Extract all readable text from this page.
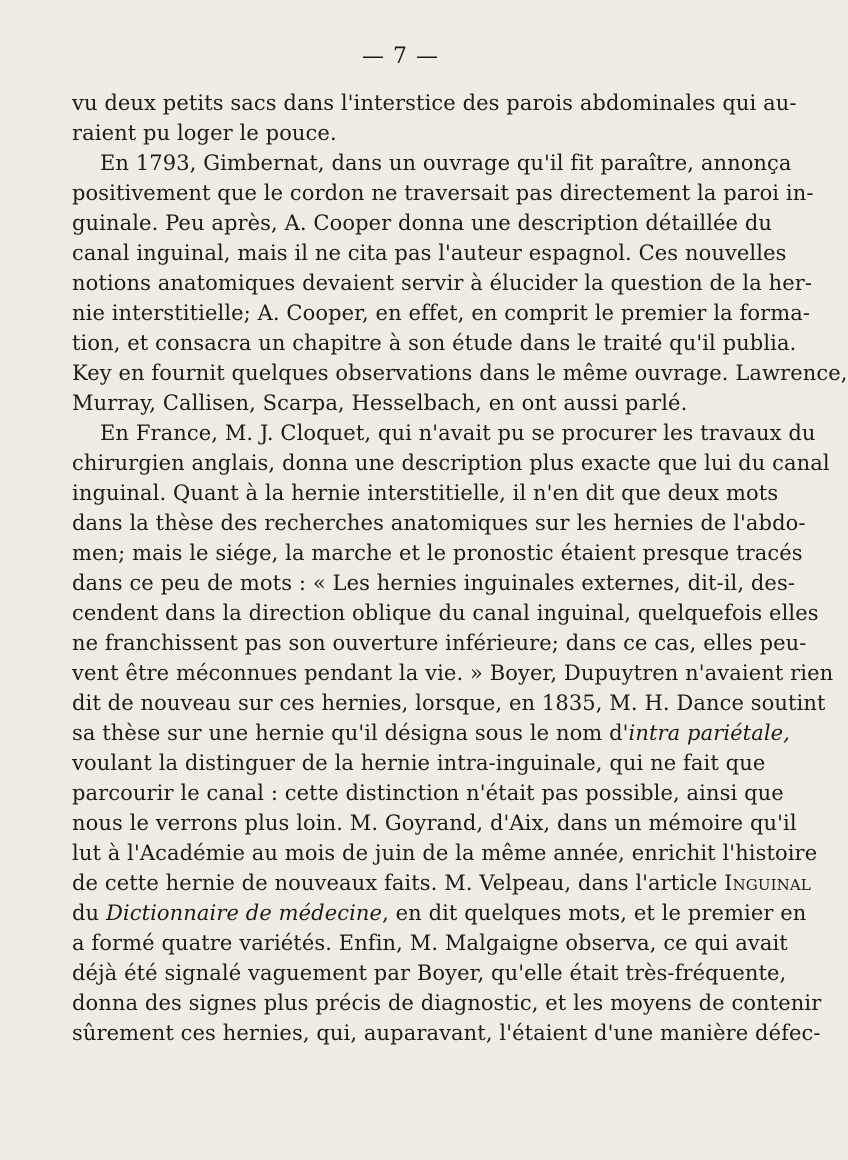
— 7 —
vu deux petits sacs dans l'interstice des parois abdominales qui au-
raient pu loger le pouce.
En 1793, Gimbernat, dans un ouvrage qu'il fit paraître, annonça
positivement que le cordon ne traversait pas directement la paroi in-
guinale. Peu après, A. Cooper donna une description détaillée du
canal inguinal, mais il ne cita pas l'auteur espagnol. Ces nouvelles
notions anatomiques devaient servir à élucider la question de la her-
nie interstitielle; A. Cooper, en effet, en comprit le premier la forma-
tion, et consacra un chapitre à son étude dans le traité qu'il publia.
Key en fournit quelques observations dans le même ouvrage. Lawrence,
Murray, Callisen, Scarpa, Hesselbach, en ont aussi parlé.
En France, M. J. Cloquet, qui n'avait pu se procurer les travaux du
chirurgien anglais, donna une description plus exacte que lui du canal
inguinal. Quant à la hernie interstitielle, il n'en dit que deux mots
dans la thèse des recherches anatomiques sur les hernies de l'abdo-
men; mais le siége, la marche et le pronostic étaient presque tracés
dans ce peu de mots : « Les hernies inguinales externes, dit-il, des-
cendent dans la direction oblique du canal inguinal, quelquefois elles
ne franchissent pas son ouverture inférieure; dans ce cas, elles peu-
vent être méconnues pendant la vie. » Boyer, Dupuytren n'avaient rien
dit de nouveau sur ces hernies, lorsque, en 1835, M. H. Dance soutint
sa thèse sur une hernie qu'il désigna sous le nom d'intra pariétale,
voulant la distinguer de la hernie intra-inguinale, qui ne fait que
parcourir le canal : cette distinction n'était pas possible, ainsi que
nous le verrons plus loin. M. Goyrand, d'Aix, dans un mémoire qu'il
lut à l'Académie au mois de juin de la même année, enrichit l'histoire
de cette hernie de nouveaux faits. M. Velpeau, dans l'article Inguinal
du Dictionnaire de médecine, en dit quelques mots, et le premier en
a formé quatre variétés. Enfin, M. Malgaigne observa, ce qui avait
déjà été signalé vaguement par Boyer, qu'elle était très-fréquente,
donna des signes plus précis de diagnostic, et les moyens de contenir
sûrement ces hernies, qui, auparavant, l'étaient d'une manière défec-
